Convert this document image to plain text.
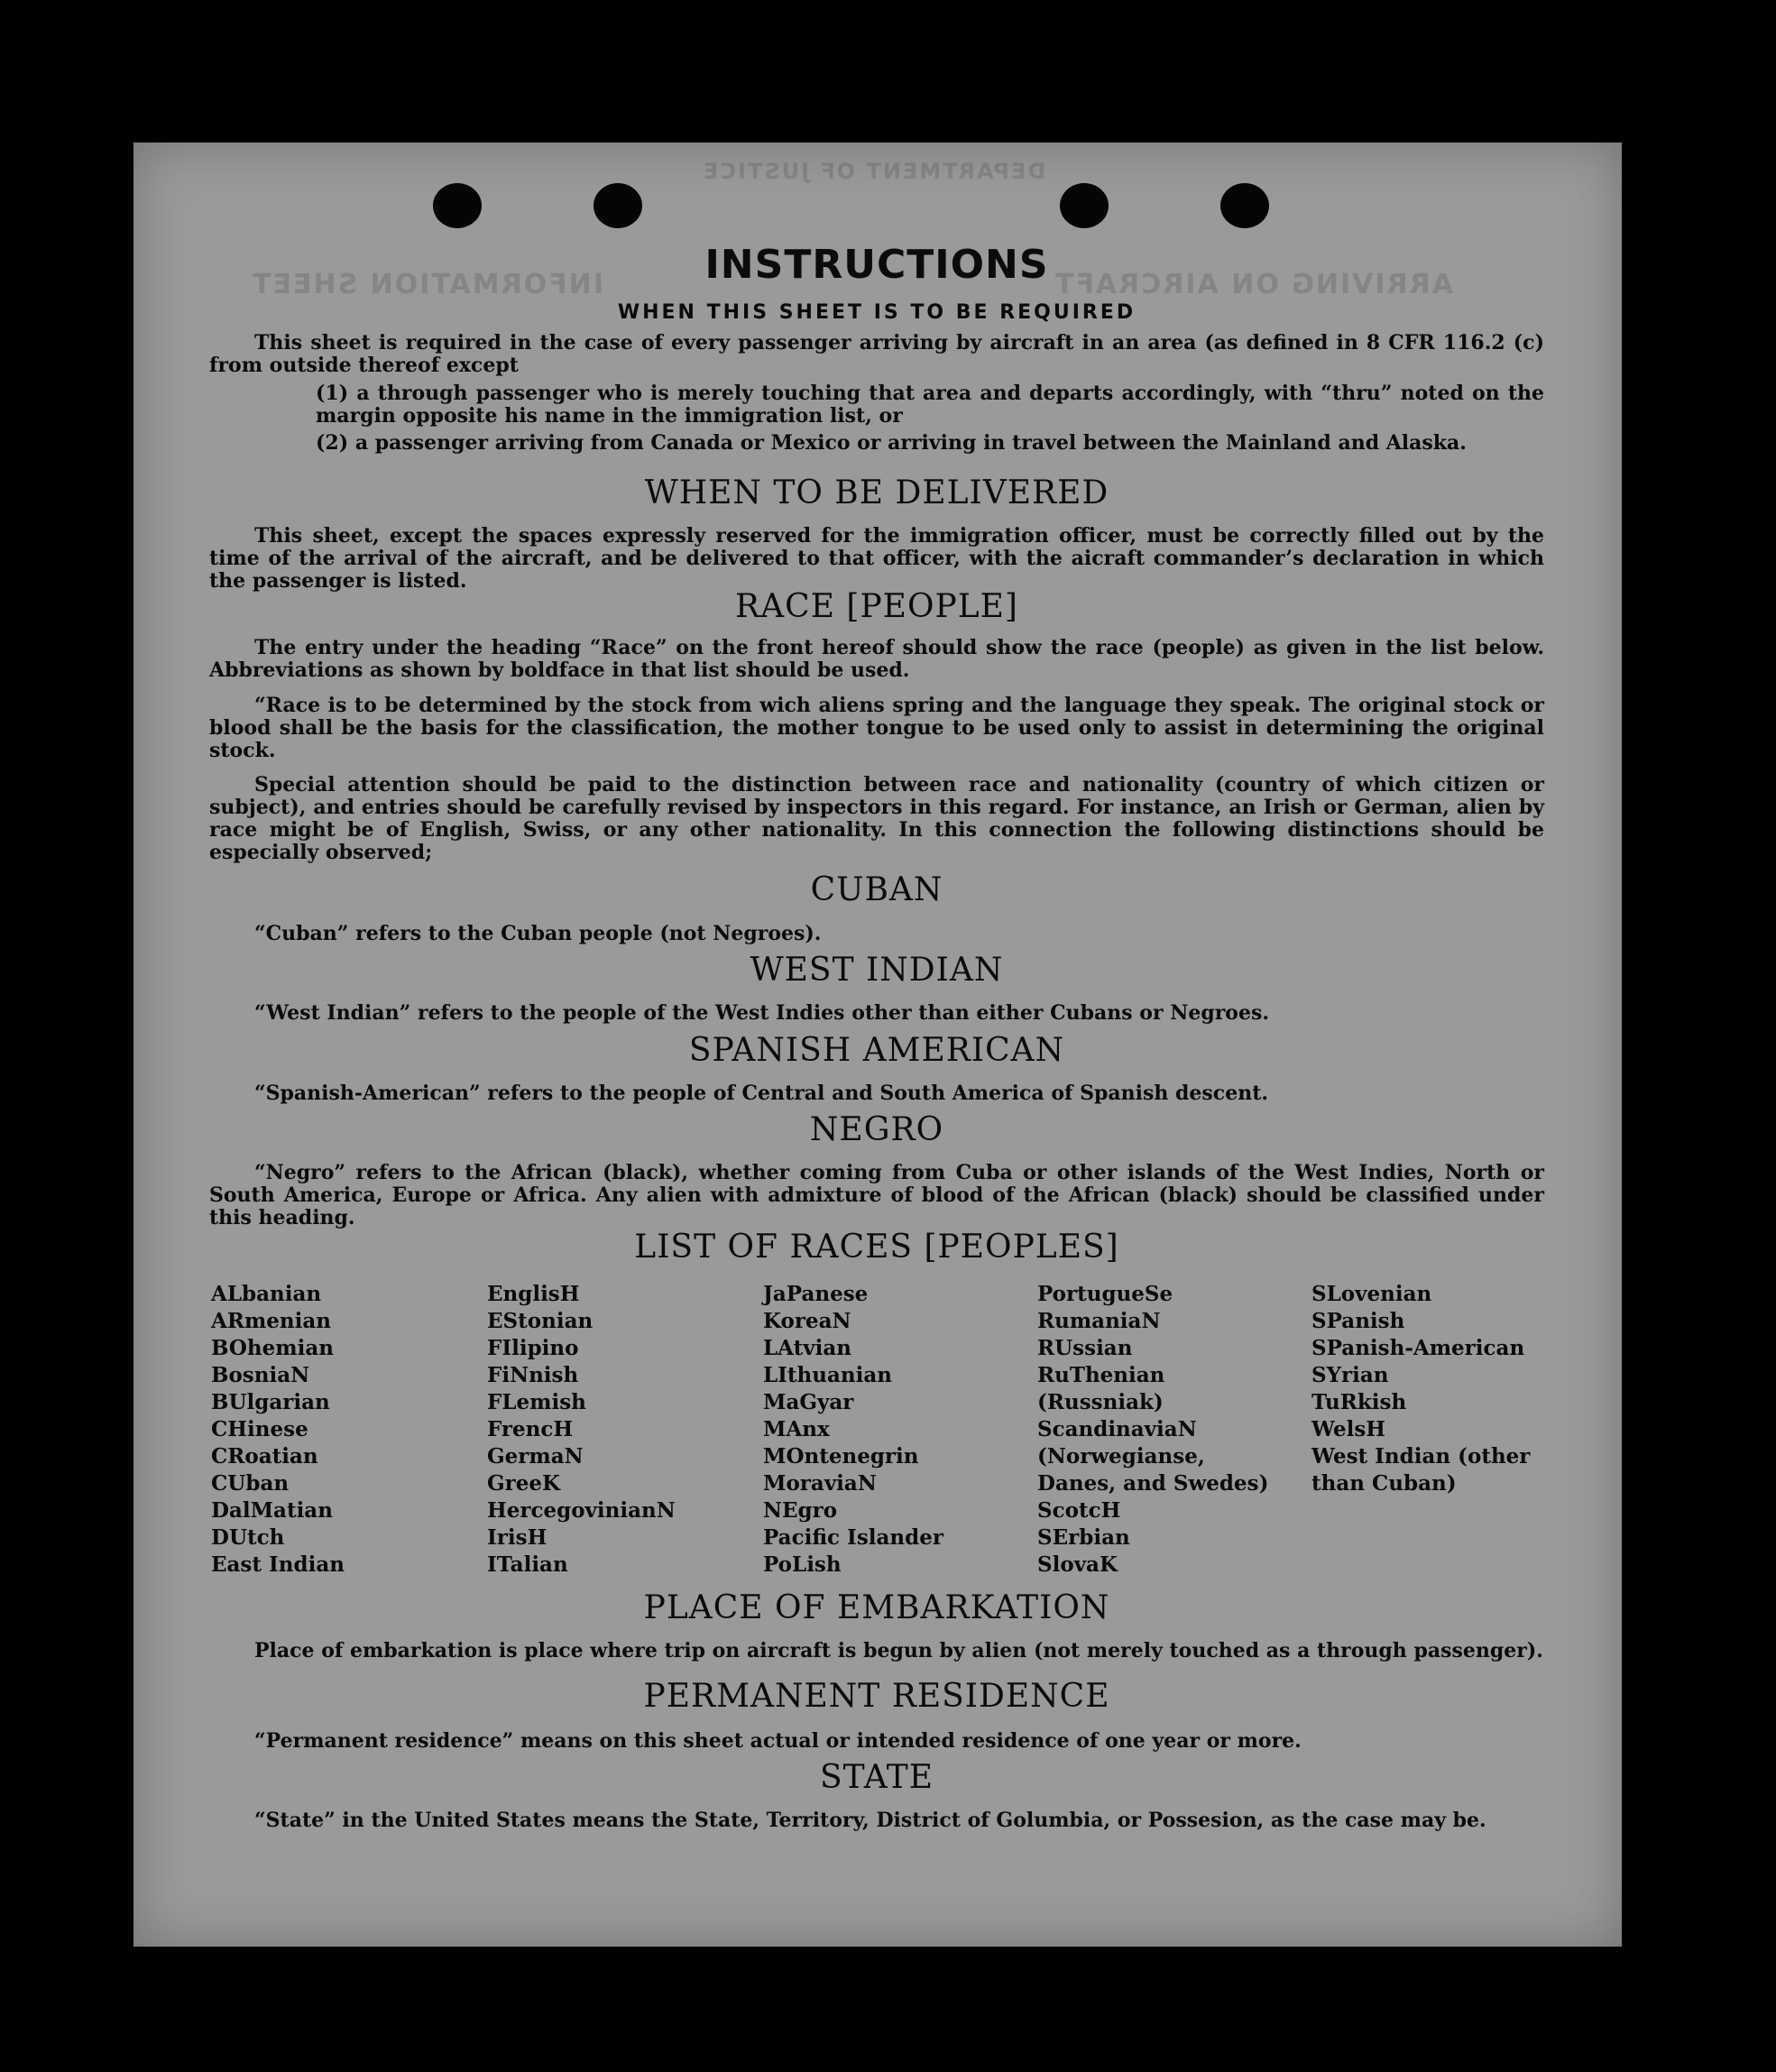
DEPARTMENT OF JUSTICE
INFORMATION SHEET	ARRIVING ON AIRCRAFT
INSTRUCTIONS
WHEN THIS SHEET IS TO BE REQUIRED
This sheet is required in the case of every passenger arriving by aircraft in an area (as defined in 8 CFR 116.2 (c) from outside thereof except
(1) a through passenger who is merely touching that area and departs accordingly, with “thru” noted on the margin opposite his name in the immigration list, or
(2) a passenger arriving from Canada or Mexico or arriving in travel between the Mainland and Alaska.
WHEN TO BE DELIVERED
This sheet, except the spaces expressly reserved for the immigration officer, must be correctly filled out by the time of the arrival of the aircraft, and be delivered to that officer, with the aicraft commander’s declaration in which the passenger is listed.
RACE [PEOPLE]
The entry under the heading “Race” on the front hereof should show the race (people) as given in the list below. Abbreviations as shown by boldface in that list should be used.
“Race is to be determined by the stock from wich aliens spring and the language they speak. The original stock or blood shall be the basis for the classification, the mother tongue to be used only to assist in determining the original stock.
Special attention should be paid to the distinction between race and nationality (country of which citizen or subject), and entries should be carefully revised by inspectors in this regard. For instance, an Irish or German, alien by race might be of English, Swiss, or any other nationality. In this connection the following distinctions should be especially observed;
CUBAN
“Cuban” refers to the Cuban people (not Negroes).
WEST INDIAN
“West Indian” refers to the people of the West Indies other than either Cubans or Negroes.
SPANISH AMERICAN
“Spanish-American” refers to the people of Central and South America of Spanish descent.
NEGRO
“Negro” refers to the African (black), whether coming from Cuba or other islands of the West Indies, North or South America, Europe or Africa. Any alien with admixture of blood of the African (black) should be classified under this heading.
LIST OF RACES [PEOPLES]
ALbanian
ARmenian
BOhemian
BosniaN
BUlgarian
CHinese
CRoatian
CUban
DalMatian
DUtch
East Indian
EnglisH
EStonian
FIlipino
FiNnish
FLemish
FrencH
GermaN
GreeK
HercegovinianN
IrisH
ITalian
JaPanese
KoreaN
LAtvian
LIthuanian
MaGyar
MAnx
MOntenegrin
MoraviaN
NEgro
Pacific Islander
PoLish
PortugueSe
RumaniaN
RUssian
RuThenian (Russniak)
ScandinaviaN (Norwegianse, Danes, and Swedes)
ScotcH
SErbian
SlovaK
SLovenian
SPanish
SPanish-American
SYrian
TuRkish
WelsH
West Indian (other than Cuban)
PLACE OF EMBARKATION
Place of embarkation is place where trip on aircraft is begun by alien (not merely touched as a through passenger).
PERMANENT RESIDENCE
“Permanent residence” means on this sheet actual or intended residence of one year or more.
STATE
“State” in the United States means the State, Territory, District of Golumbia, or Possesion, as the case may be.
